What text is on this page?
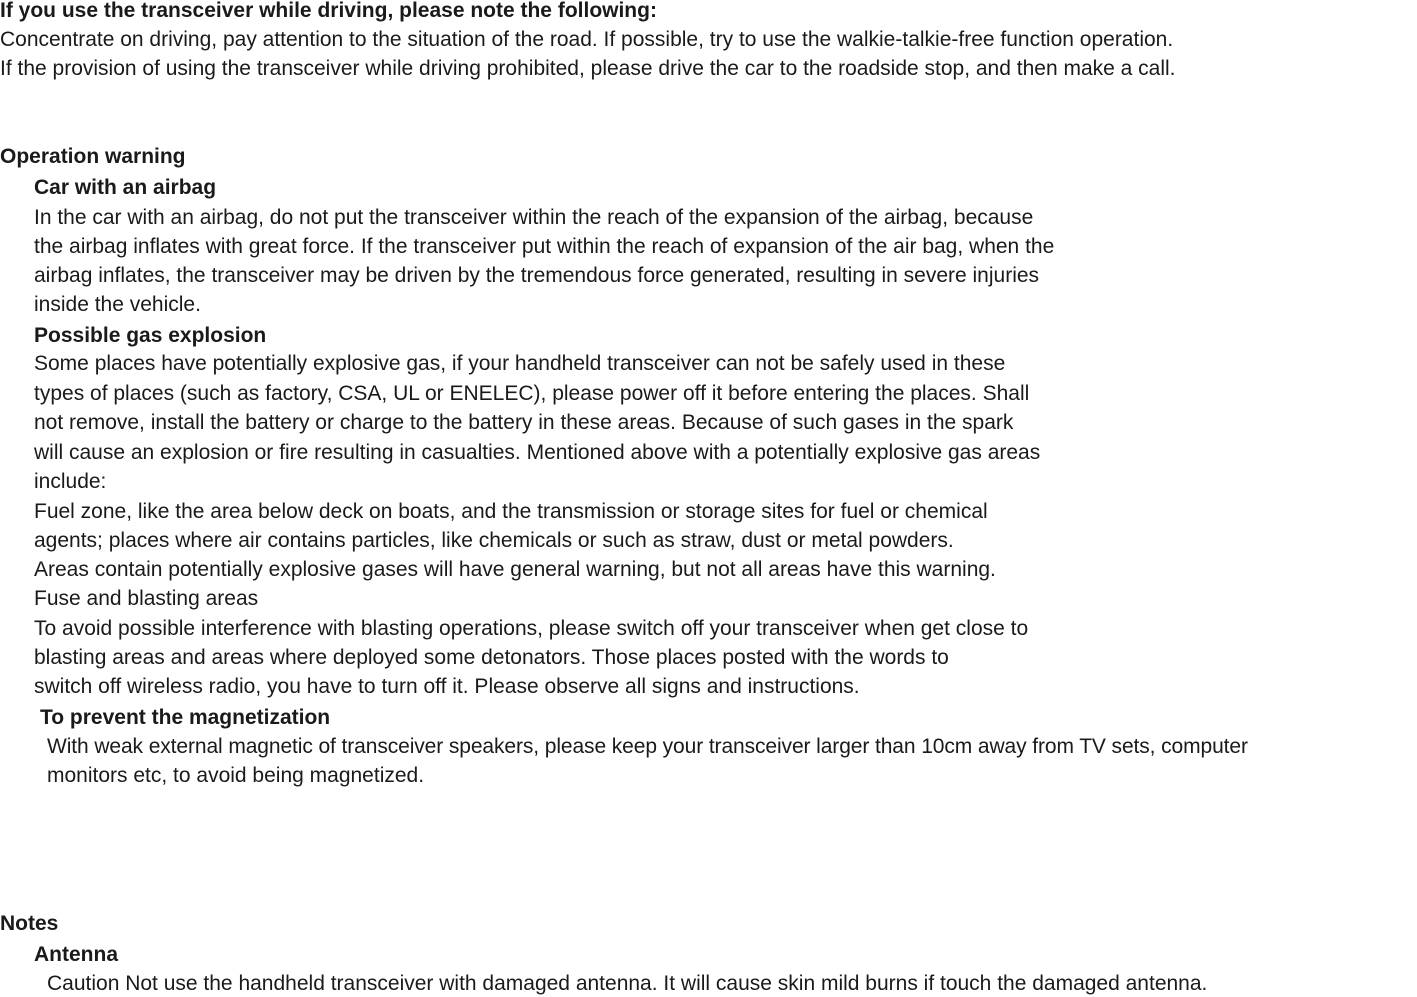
If you use the transceiver while driving, please note the following:

Concentrate on driving, pay attention to the situation of the road. If possible, try to use the walkie-talkie-free function operation.

If the provision of using the transceiver while driving prohibited, please drive the car to the roadside stop, and then make a call.

Operation warning

Car with an airbag

In the car with an airbag, do not put the transceiver within the reach of the expansion of the airbag, because

the airbag inflates with great force. If the transceiver put within the reach of expansion of the air bag, when the

airbag inflates, the transceiver may be driven by the tremendous force generated, resulting in severe injuries

inside the vehicle.

Possible gas explosion

Some places have potentially explosive gas, if your handheld transceiver can not be safely used in these

types of places (such as factory, CSA, UL or ENELEC), please power off it before entering the places. Shall

not remove, install the battery or charge to the battery in these areas. Because of such gases in the spark

will cause an explosion or fire resulting in casualties. Mentioned above with a potentially explosive gas areas

include:

Fuel zone, like the area below deck on boats, and the transmission or storage sites for fuel or chemical

agents; places where air contains particles, like chemicals or such as straw, dust or metal powders.

Areas contain potentially explosive gases will have general warning, but not all areas have this warning.

Fuse and blasting areas

To avoid possible interference with blasting operations, please switch off your transceiver when get close to

blasting areas and areas where deployed some detonators. Those places posted with the words to

switch off wireless radio, you have to turn off it. Please observe all signs and instructions.

To prevent the magnetization

With weak external magnetic of transceiver speakers, please keep your transceiver larger than 10cm away from TV sets, computer

monitors etc, to avoid being magnetized.

Notes

Antenna

Caution Not use the handheld transceiver with damaged antenna. It will cause skin mild burns if touch the damaged antenna.
